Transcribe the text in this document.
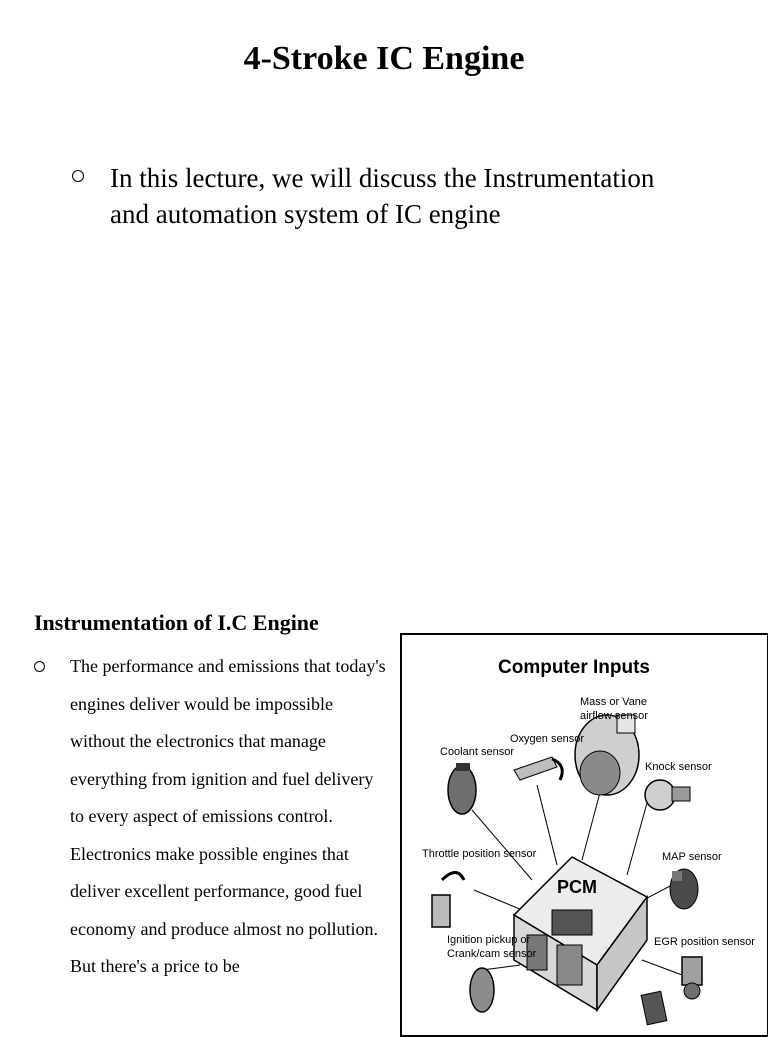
4-Stroke IC Engine
In this lecture, we will discuss the Instrumentation and automation system of IC engine
Instrumentation of I.C Engine
The performance and emissions that today's engines deliver would be impossible without the electronics that manage everything from ignition and fuel delivery to every aspect of emissions control. Electronics make possible engines that deliver excellent performance, good fuel economy and produce almost no pollution. But there's a price to be
Computer Inputs
PCM
Mass or Vane
airflow sensor
Oxygen sensor
Coolant sensor
Knock sensor
Throttle position sensor	MAP sensor
Ignition pickup or
Crank/cam sensor
EGR position sensor
